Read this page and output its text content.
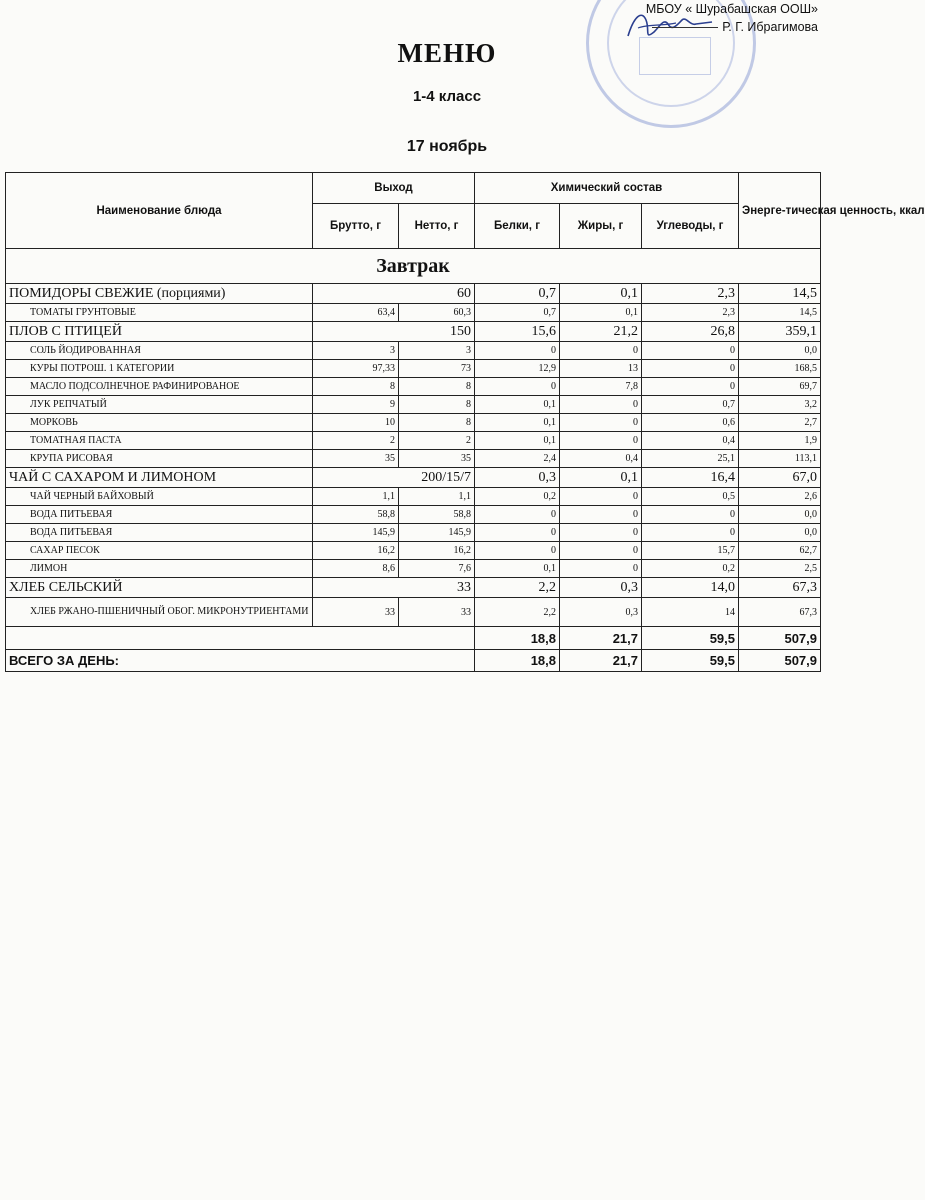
МБОУ « Шурабашская ООШ»
Р. Г. Ибрагимова
МЕНЮ
1-4 класс
17 ноябрь
Наименование блюда	Выход		Химический состав			Энерге-тическая ценность, ккал
	Брутто, г	Нетто, г	Белки, г	Жиры, г	Углеводы, г	
Завтрак						
ПОМИДОРЫ СВЕЖИЕ (порциями)	60		0,7	0,1	2,3	14,5
ТОМАТЫ ГРУНТОВЫЕ	63,4	60,3	0,7	0,1	2,3	14,5
ПЛОВ С ПТИЦЕЙ	150		15,6	21,2	26,8	359,1
СОЛЬ ЙОДИРОВАННАЯ	3	3	0	0	0	0,0
КУРЫ ПОТРОШ. 1 КАТЕГОРИИ	97,33	73	12,9	13	0	168,5
МАСЛО ПОДСОЛНЕЧНОЕ РАФИНИРОВАНОЕ	8	8	0	7,8	0	69,7
ЛУК РЕПЧАТЫЙ	9	8	0,1	0	0,7	3,2
МОРКОВЬ	10	8	0,1	0	0,6	2,7
ТОМАТНАЯ ПАСТА	2	2	0,1	0	0,4	1,9
КРУПА РИСОВАЯ	35	35	2,4	0,4	25,1	113,1
ЧАЙ С САХАРОМ И ЛИМОНОМ	200/15/7		0,3	0,1	16,4	67,0
ЧАЙ ЧЕРНЫЙ БАЙХОВЫЙ	1,1	1,1	0,2	0	0,5	2,6
ВОДА ПИТЬЕВАЯ	58,8	58,8	0	0	0	0,0
ВОДА ПИТЬЕВАЯ	145,9	145,9	0	0	0	0,0
САХАР ПЕСОК	16,2	16,2	0	0	15,7	62,7
ЛИМОН	8,6	7,6	0,1	0	0,2	2,5
ХЛЕБ СЕЛЬСКИЙ	33		2,2	0,3	14,0	67,3
ХЛЕБ РЖАНО-ПШЕНИЧНЫЙ ОБОГ. МИКРОНУТРИЕНТАМИ	33	33	2,2	0,3	14	67,3
			18,8	21,7	59,5	507,9
ВСЕГО ЗА ДЕНЬ:			18,8	21,7	59,5	507,9
